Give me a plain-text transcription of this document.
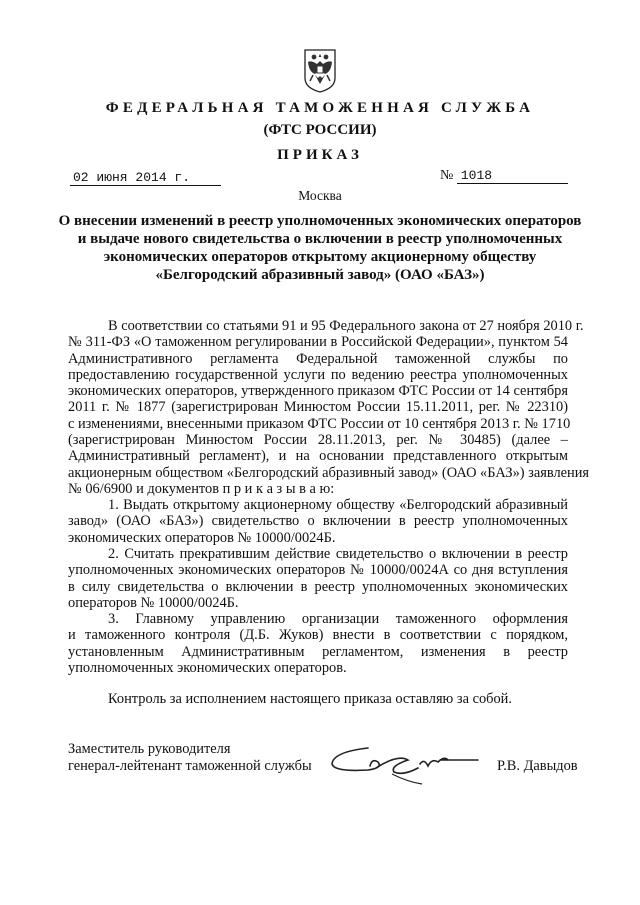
ФЕДЕРАЛЬНАЯ ТАМОЖЕННАЯ СЛУЖБА
(ФТС РОССИИ)
ПРИКАЗ
02 июня 2014 г.	№ 1018
Москва
О внесении изменений в реестр уполномоченных экономических операторов
и выдаче нового свидетельства о включении в реестр уполномоченных
экономических операторов открытому акционерному обществу
«Белгородский абразивный завод» (ОАО «БАЗ»)
В соответствии со статьями 91 и 95 Федерального закона от 27 ноября 2010 г.
№ 311-ФЗ «О таможенном регулировании в Российской Федерации», пунктом 54
Административного регламента Федеральной таможенной службы по
предоставлению государственной услуги по ведению реестра уполномоченных
экономических операторов, утвержденного приказом ФТС России от 14 сентября
2011 г. № 1877 (зарегистрирован Минюстом России 15.11.2011, рег. № 22310)
с изменениями, внесенными приказом ФТС России от 10 сентября 2013 г. № 1710
(зарегистрирован Минюстом России 28.11.2013, рег. № 30485) (далее –
Административный регламент), и на основании представленного открытым
акционерным обществом «Белгородский абразивный завод» (ОАО «БАЗ») заявления
№ 06/6900 и документов п р и к а з ы в а ю:
1. Выдать открытому акционерному обществу «Белгородский абразивный
завод» (ОАО «БАЗ») свидетельство о включении в реестр уполномоченных
экономических операторов № 10000/0024Б.
2. Считать прекратившим действие свидетельство о включении в реестр
уполномоченных экономических операторов № 10000/0024А со дня вступления
в силу свидетельства о включении в реестр уполномоченных экономических
операторов № 10000/0024Б.
3. Главному управлению организации таможенного оформления
и таможенного контроля (Д.Б. Жуков) внести в соответствии с порядком,
установленным Административным регламентом, изменения в реестр
уполномоченных экономических операторов.
Контроль за исполнением настоящего приказа оставляю за собой.
Заместитель руководителя
генерал-лейтенант таможенной службы	Р.В. Давыдов
